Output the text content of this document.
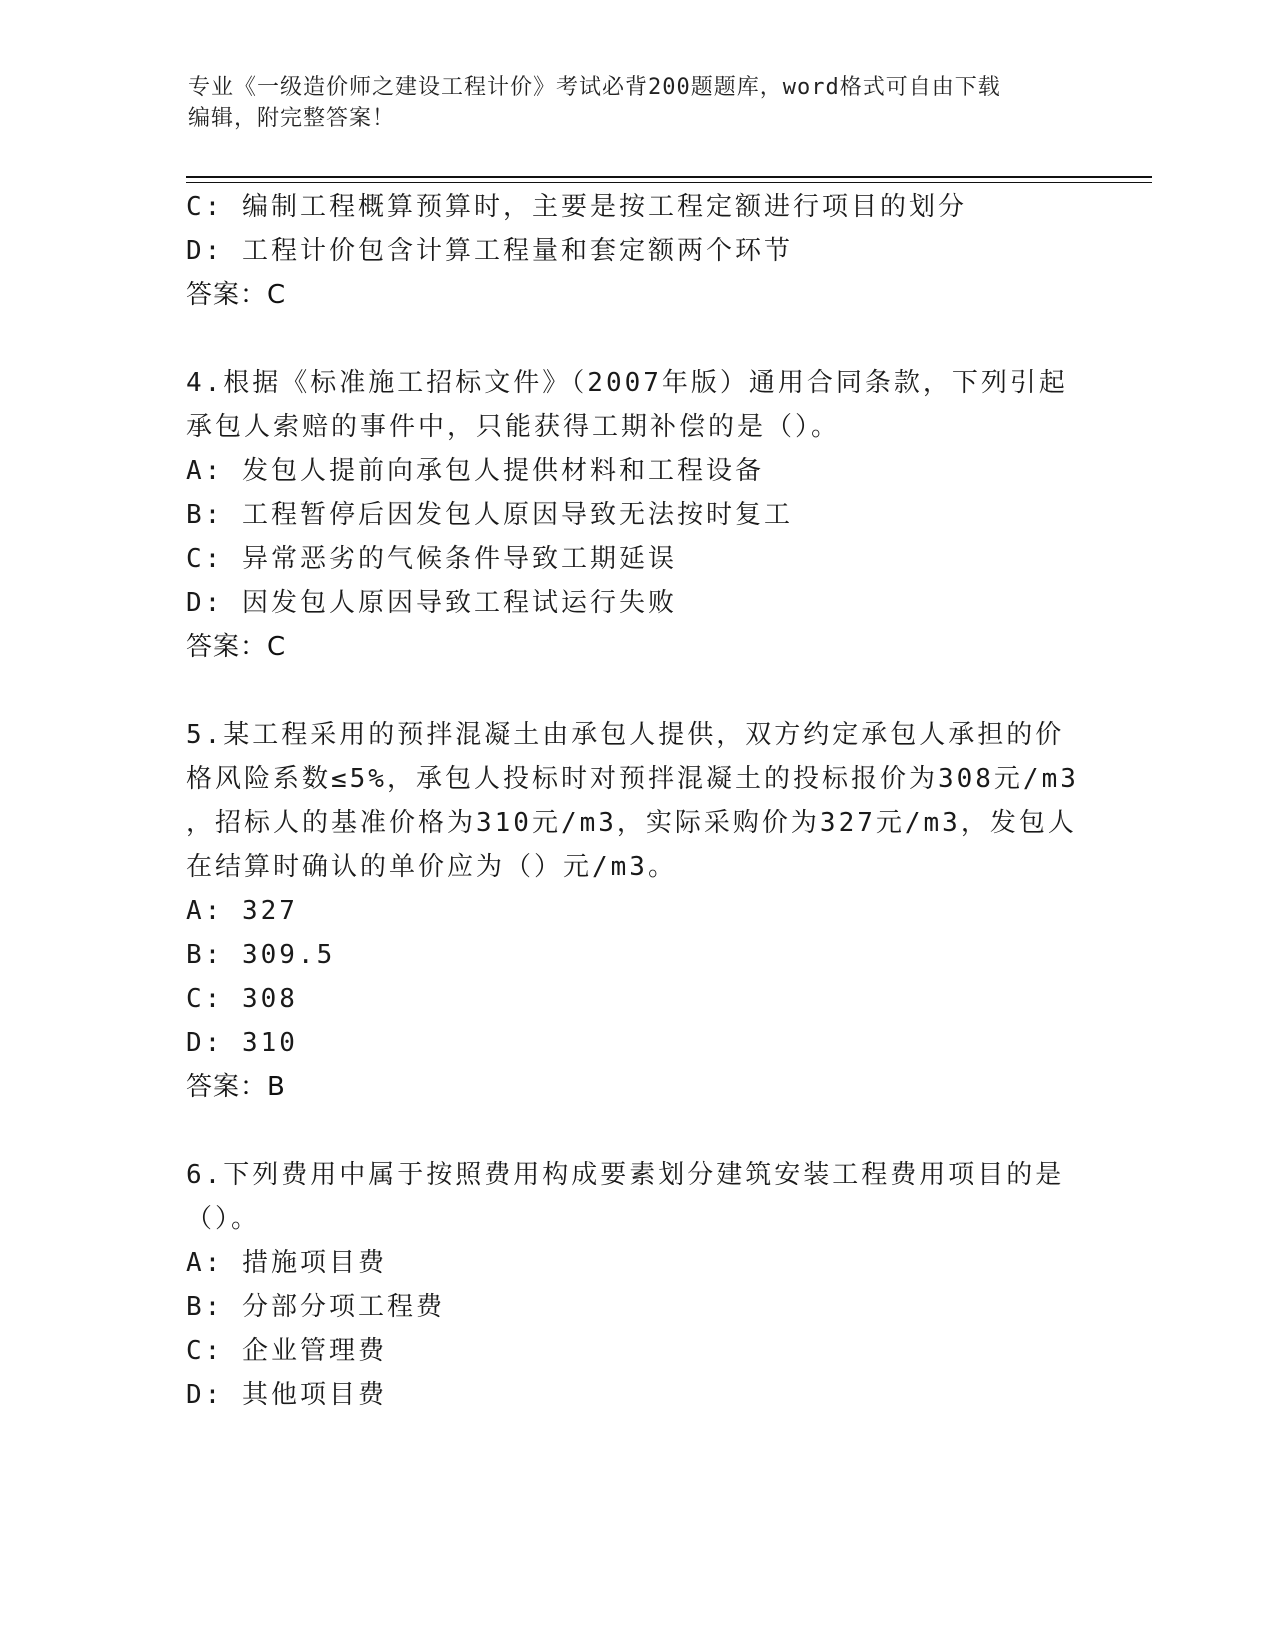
专业《一级造价师之建设工程计价》考试必背200题题库，word格式可自由下载
编辑，附完整答案！
C: 编制工程概算预算时，主要是按工程定额进行项目的划分
D: 工程计价包含计算工程量和套定额两个环节
答案：C
4.根据《标准施工招标文件》（2007年版）通用合同条款，下列引起
承包人索赔的事件中，只能获得工期补偿的是（）。
A: 发包人提前向承包人提供材料和工程设备
B: 工程暂停后因发包人原因导致无法按时复工
C: 异常恶劣的气候条件导致工期延误
D: 因发包人原因导致工程试运行失败
答案：C
5.某工程采用的预拌混凝土由承包人提供，双方约定承包人承担的价
格风险系数≤5%，承包人投标时对预拌混凝土的投标报价为308元/m3
，招标人的基准价格为310元/m3，实际采购价为327元/m3，发包人
在结算时确认的单价应为（）元/m3。
A: 327
B: 309.5
C: 308
D: 310
答案：B
6.下列费用中属于按照费用构成要素划分建筑安装工程费用项目的是
（）。
A: 措施项目费
B: 分部分项工程费
C: 企业管理费
D: 其他项目费
